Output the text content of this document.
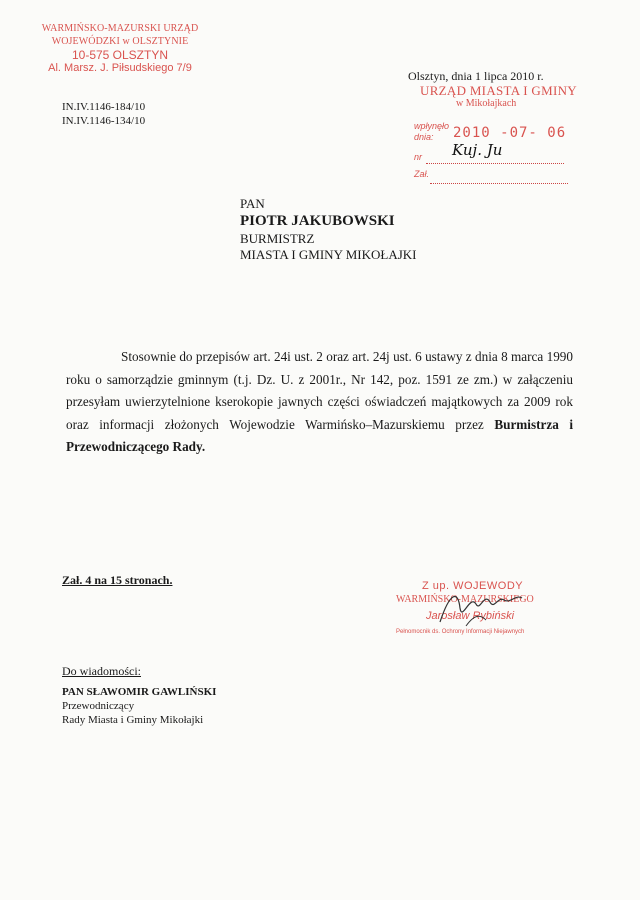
WARMIŃSKO-MAZURSKI URZĄD
WOJEWÓDZKI w OLSZTYNIE
10-575 OLSZTYN
Al. Marsz. J. Piłsudskiego 7/9
IN.IV.1146-184/10
IN.IV.1146-134/10
Olsztyn, dnia 1 lipca 2010 r.
URZĄD MIASTA I GMINY
w Mikołajkach
wpłynęło
dnia: 2010 -07- 06
nr Kuj. Ju
Zał.
PAN
PIOTR JAKUBOWSKI
BURMISTRZ
MIASTA I GMINY MIKOŁAJKI

Stosownie do przepisów art. 24i ust. 2 oraz art. 24j ust. 6 ustawy z dnia 8 marca 1990 roku o samorządzie gminnym (t.j. Dz. U. z 2001r., Nr 142, poz. 1591 ze zm.) w załączeniu przesyłam uwierzytelnione kserokopie jawnych części oświadczeń majątkowych za 2009 rok oraz informacji złożonych Wojewodzie Warmińsko–Mazurskiemu przez Burmistrza i Przewodniczącego Rady.

Zał. 4 na 15 stronach.	Z up. WOJEWODY
WARMIŃSKO-MAZURSKIEGO
Jarosław Rybiński
Pełnomocnik ds. Ochrony Informacji Niejawnych
Do wiadomości:
PAN SŁAWOMIR GAWLIŃSKI
Przewodniczący
Rady Miasta i Gminy Mikołajki
